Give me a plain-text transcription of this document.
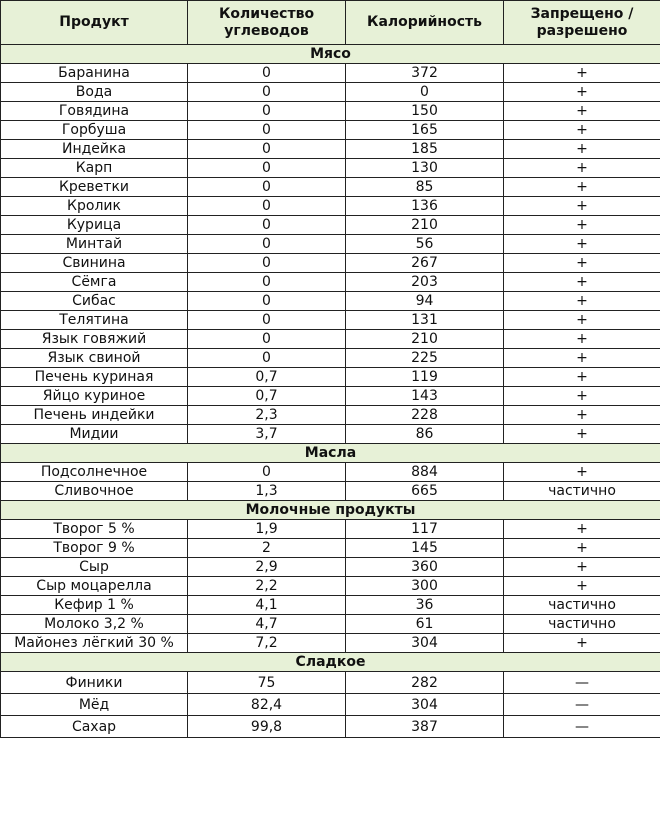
Продукт	Количество углеводов	Калорийность	Запрещено / разрешено
Мясо			
Баранина	0	372	+
Вода	0	0	+
Говядина	0	150	+
Горбуша	0	165	+
Индейка	0	185	+
Карп	0	130	+
Креветки	0	85	+
Кролик	0	136	+
Курица	0	210	+
Минтай	0	56	+
Свинина	0	267	+
Сёмга	0	203	+
Сибас	0	94	+
Телятина	0	131	+
Язык говяжий	0	210	+
Язык свиной	0	225	+
Печень куриная	0,7	119	+
Яйцо куриное	0,7	143	+
Печень индейки	2,3	228	+
Мидии	3,7	86	+
Масла			
Подсолнечное	0	884	+
Сливочное	1,3	665	частично
Молочные продукты			
Творог 5 %	1,9	117	+
Творог 9 %	2	145	+
Сыр	2,9	360	+
Сыр моцарелла	2,2	300	+
Кефир 1 %	4,1	36	частично
Молоко 3,2 %	4,7	61	частично
Майонез лёгкий 30 %	7,2	304	+
Сладкое			
Финики	75	282	—
Мёд	82,4	304	—
Сахар	99,8	387	—
